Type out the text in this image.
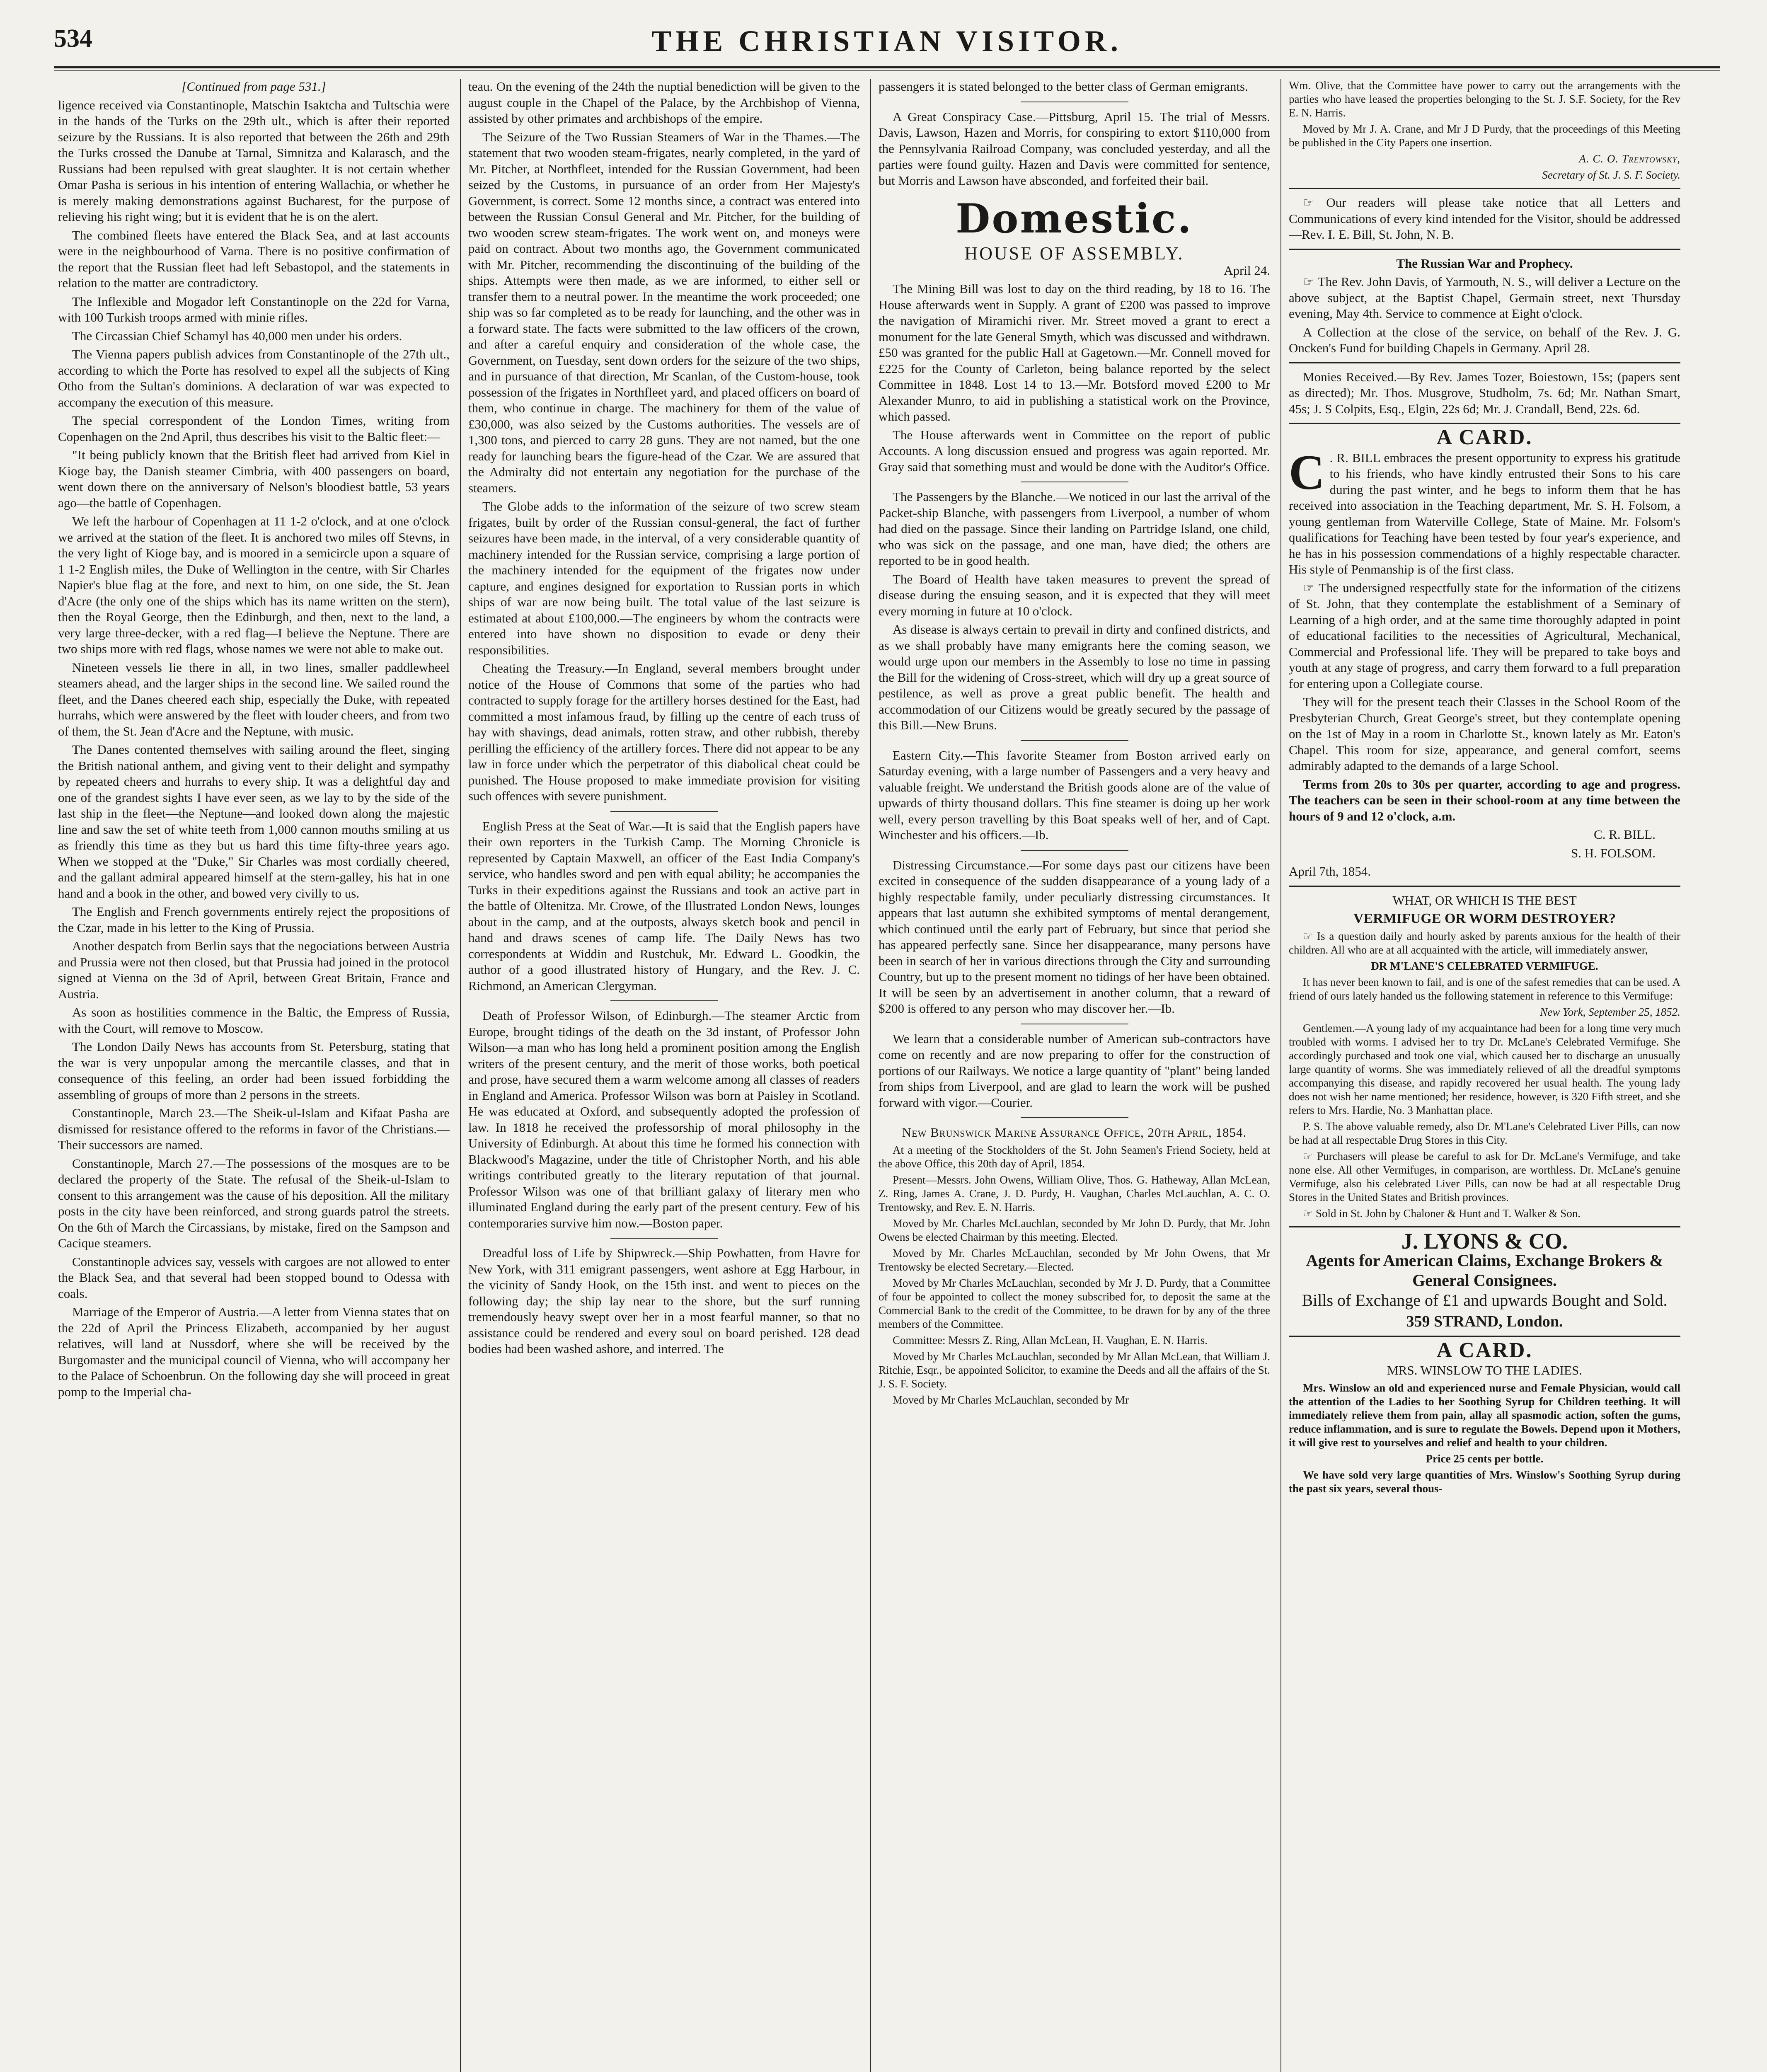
534	THE CHRISTIAN VISITOR.

[Continued from page 531.]

ligence received via Constantinople, Matschin Isaktcha and Tultschia were in the hands of the Turks on the 29th ult., which is after their reported seizure by the Russians. It is also reported that between the 26th and 29th the Turks crossed the Danube at Tarnal, Simnitza and Kalarasch, and the Russians had been repulsed with great slaughter. It is not certain whether Omar Pasha is serious in his intention of entering Wallachia, or whether he is merely making demonstrations against Bucharest, for the purpose of relieving his right wing; but it is evident that he is on the alert.

The combined fleets have entered the Black Sea, and at last accounts were in the neighbourhood of Varna. There is no positive confirmation of the report that the Russian fleet had left Sebastopol, and the statements in relation to the matter are contradictory.

The Inflexible and Mogador left Constantinople on the 22d for Varna, with 100 Turkish troops armed with minie rifles.

The Circassian Chief Schamyl has 40,000 men under his orders.

The Vienna papers publish advices from Constantinople of the 27th ult., according to which the Porte has resolved to expel all the subjects of King Otho from the Sultan's dominions. A declaration of war was expected to accompany the execution of this measure.

The special correspondent of the London Times, writing from Copenhagen on the 2nd April, thus describes his visit to the Baltic fleet:—

"It being publicly known that the British fleet had arrived from Kiel in Kioge bay, the Danish steamer Cimbria, with 400 passengers on board, went down there on the anniversary of Nelson's bloodiest battle, 53 years ago—the battle of Copenhagen.

We left the harbour of Copenhagen at 11 1-2 o'clock, and at one o'clock we arrived at the station of the fleet. It is anchored two miles off Stevns, in the very light of Kioge bay, and is moored in a semicircle upon a square of 1 1-2 English miles, the Duke of Wellington in the centre, with Sir Charles Napier's blue flag at the fore, and next to him, on one side, the St. Jean d'Acre (the only one of the ships which has its name written on the stern), then the Royal George, then the Edinburgh, and then, next to the land, a very large three-decker, with a red flag—I believe the Neptune. There are two ships more with red flags, whose names we were not able to make out.

Nineteen vessels lie there in all, in two lines, smaller paddlewheel steamers ahead, and the larger ships in the second line. We sailed round the fleet, and the Danes cheered each ship, especially the Duke, with repeated hurrahs, which were answered by the fleet with louder cheers, and from two of them, the St. Jean d'Acre and the Neptune, with music.

The Danes contented themselves with sailing around the fleet, singing the British national anthem, and giving vent to their delight and sympathy by repeated cheers and hurrahs to every ship. It was a delightful day and one of the grandest sights I have ever seen, as we lay to by the side of the last ship in the fleet—the Neptune—and looked down along the majestic line and saw the set of white teeth from 1,000 cannon mouths smiling at us as friendly this time as they but us hard this time fifty-three years ago. When we stopped at the "Duke," Sir Charles was most cordially cheered, and the gallant admiral appeared himself at the stern-galley, his hat in one hand and a book in the other, and bowed very civilly to us.

The English and French governments entirely reject the propositions of the Czar, made in his letter to the King of Prussia.

Another despatch from Berlin says that the negociations between Austria and Prussia were not then closed, but that Prussia had joined in the protocol signed at Vienna on the 3d of April, between Great Britain, France and Austria.

As soon as hostilities commence in the Baltic, the Empress of Russia, with the Court, will remove to Moscow.

The London Daily News has accounts from St. Petersburg, stating that the war is very unpopular among the mercantile classes, and that in consequence of this feeling, an order had been issued forbidding the assembling of groups of more than 2 persons in the streets.

Constantinople, March 23.—The Sheik-ul-Islam and Kifaat Pasha are dismissed for resistance offered to the reforms in favor of the Christians.—Their successors are named.

Constantinople, March 27.—The possessions of the mosques are to be declared the property of the State. The refusal of the Sheik-ul-Islam to consent to this arrangement was the cause of his deposition. All the military posts in the city have been reinforced, and strong guards patrol the streets. On the 6th of March the Circassians, by mistake, fired on the Sampson and Cacique steamers.

Constantinople advices say, vessels with cargoes are not allowed to enter the Black Sea, and that several had been stopped bound to Odessa with coals.

Marriage of the Emperor of Austria.—A letter from Vienna states that on the 22d of April the Princess Elizabeth, accompanied by her august relatives, will land at Nussdorf, where she will be received by the Burgomaster and the municipal council of Vienna, who will accompany her to the Palace of Schoenbrun. On the following day she will proceed in great pomp to the Imperial cha-

teau. On the evening of the 24th the nuptial benediction will be given to the august couple in the Chapel of the Palace, by the Archbishop of Vienna, assisted by other primates and archbishops of the empire.

The Seizure of the Two Russian Steamers of War in the Thames.—The statement that two wooden steam-frigates, nearly completed, in the yard of Mr. Pitcher, at Northfleet, intended for the Russian Government, had been seized by the Customs, in pursuance of an order from Her Majesty's Government, is correct. Some 12 months since, a contract was entered into between the Russian Consul General and Mr. Pitcher, for the building of two wooden screw steam-frigates. The work went on, and moneys were paid on contract. About two months ago, the Government communicated with Mr. Pitcher, recommending the discontinuing of the building of the ships. Attempts were then made, as we are informed, to either sell or transfer them to a neutral power. In the meantime the work proceeded; one ship was so far completed as to be ready for launching, and the other was in a forward state. The facts were submitted to the law officers of the crown, and after a careful enquiry and consideration of the whole case, the Government, on Tuesday, sent down orders for the seizure of the two ships, and in pursuance of that direction, Mr Scanlan, of the Custom-house, took possession of the frigates in Northfleet yard, and placed officers on board of them, who continue in charge. The machinery for them of the value of £30,000, was also seized by the Customs authorities. The vessels are of 1,300 tons, and pierced to carry 28 guns. They are not named, but the one ready for launching bears the figure-head of the Czar. We are assured that the Admiralty did not entertain any negotiation for the purchase of the steamers.

The Globe adds to the information of the seizure of two screw steam frigates, built by order of the Russian consul-general, the fact of further seizures have been made, in the interval, of a very considerable quantity of machinery intended for the Russian service, comprising a large portion of the machinery intended for the equipment of the frigates now under capture, and engines designed for exportation to Russian ports in which ships of war are now being built. The total value of the last seizure is estimated at about £100,000.—The engineers by whom the contracts were entered into have shown no disposition to evade or deny their responsibilities.

Cheating the Treasury.—In England, several members brought under notice of the House of Commons that some of the parties who had contracted to supply forage for the artillery horses destined for the East, had committed a most infamous fraud, by filling up the centre of each truss of hay with shavings, dead animals, rotten straw, and other rubbish, thereby perilling the efficiency of the artillery forces. There did not appear to be any law in force under which the perpetrator of this diabolical cheat could be punished. The House proposed to make immediate provision for visiting such offences with severe punishment.

English Press at the Seat of War.—It is said that the English papers have their own reporters in the Turkish Camp. The Morning Chronicle is represented by Captain Maxwell, an officer of the East India Company's service, who handles sword and pen with equal ability; he accompanies the Turks in their expeditions against the Russians and took an active part in the battle of Oltenitza. Mr. Crowe, of the Illustrated London News, lounges about in the camp, and at the outposts, always sketch book and pencil in hand and draws scenes of camp life. The Daily News has two correspondents at Widdin and Rustchuk, Mr. Edward L. Goodkin, the author of a good illustrated history of Hungary, and the Rev. J. C. Richmond, an American Clergyman.

Death of Professor Wilson, of Edinburgh.—The steamer Arctic from Europe, brought tidings of the death on the 3d instant, of Professor John Wilson—a man who has long held a prominent position among the English writers of the present century, and the merit of those works, both poetical and prose, have secured them a warm welcome among all classes of readers in England and America. Professor Wilson was born at Paisley in Scotland. He was educated at Oxford, and subsequently adopted the profession of law. In 1818 he received the professorship of moral philosophy in the University of Edinburgh. At about this time he formed his connection with Blackwood's Magazine, under the title of Christopher North, and his able writings contributed greatly to the literary reputation of that journal. Professor Wilson was one of that brilliant galaxy of literary men who illuminated England during the early part of the present century. Few of his contemporaries survive him now.—Boston paper.

Dreadful loss of Life by Shipwreck.—Ship Powhatten, from Havre for New York, with 311 emigrant passengers, went ashore at Egg Harbour, in the vicinity of Sandy Hook, on the 15th inst. and went to pieces on the following day; the ship lay near to the shore, but the surf running tremendously heavy swept over her in a most fearful manner, so that no assistance could be rendered and every soul on board perished. 128 dead bodies had been washed ashore, and interred. The

passengers it is stated belonged to the better class of German emigrants.

A Great Conspiracy Case.—Pittsburg, April 15. The trial of Messrs. Davis, Lawson, Hazen and Morris, for conspiring to extort $110,000 from the Pennsylvania Railroad Company, was concluded yesterday, and all the parties were found guilty. Hazen and Davis were committed for sentence, but Morris and Lawson have absconded, and forfeited their bail.

Domestic.
HOUSE OF ASSEMBLY.

April 24.

The Mining Bill was lost to day on the third reading, by 18 to 16. The House afterwards went in Supply. A grant of £200 was passed to improve the navigation of Miramichi river. Mr. Street moved a grant to erect a monument for the late General Smyth, which was discussed and withdrawn. £50 was granted for the public Hall at Gagetown.—Mr. Connell moved for £225 for the County of Carleton, being balance reported by the select Committee in 1848. Lost 14 to 13.—Mr. Botsford moved £200 to Mr Alexander Munro, to aid in publishing a statistical work on the Province, which passed.

The House afterwards went in Committee on the report of public Accounts. A long discussion ensued and progress was again reported. Mr. Gray said that something must and would be done with the Auditor's Office.

The Passengers by the Blanche.—We noticed in our last the arrival of the Packet-ship Blanche, with passengers from Liverpool, a number of whom had died on the passage. Since their landing on Partridge Island, one child, who was sick on the passage, and one man, have died; the others are reported to be in good health.

The Board of Health have taken measures to prevent the spread of disease during the ensuing season, and it is expected that they will meet every morning in future at 10 o'clock.

As disease is always certain to prevail in dirty and confined districts, and as we shall probably have many emigrants here the coming season, we would urge upon our members in the Assembly to lose no time in passing the Bill for the widening of Cross-street, which will dry up a great source of pestilence, as well as prove a great public benefit. The health and accommodation of our Citizens would be greatly secured by the passage of this Bill.—New Bruns.

Eastern City.—This favorite Steamer from Boston arrived early on Saturday evening, with a large number of Passengers and a very heavy and valuable freight. We understand the British goods alone are of the value of upwards of thirty thousand dollars. This fine steamer is doing up her work well, every person travelling by this Boat speaks well of her, and of Capt. Winchester and his officers.—Ib.

Distressing Circumstance.—For some days past our citizens have been excited in consequence of the sudden disappearance of a young lady of a highly respectable family, under peculiarly distressing circumstances. It appears that last autumn she exhibited symptoms of mental derangement, which continued until the early part of February, but since that period she has appeared perfectly sane. Since her disappearance, many persons have been in search of her in various directions through the City and surrounding Country, but up to the present moment no tidings of her have been obtained. It will be seen by an advertisement in another column, that a reward of $200 is offered to any person who may discover her.—Ib.

We learn that a considerable number of American sub-contractors have come on recently and are now preparing to offer for the construction of portions of our Railways. We notice a large quantity of "plant" being landed from ships from Liverpool, and are glad to learn the work will be pushed forward with vigor.—Courier.

New Brunswick Marine Assurance Office, 20th April, 1854.

At a meeting of the Stockholders of the St. John Seamen's Friend Society, held at the above Office, this 20th day of April, 1854.

Present—Messrs. John Owens, William Olive, Thos. G. Hatheway, Allan McLean, Z. Ring, James A. Crane, J. D. Purdy, H. Vaughan, Charles McLauchlan, A. C. O. Trentowsky, and Rev. E. N. Harris.

Moved by Mr. Charles McLauchlan, seconded by Mr John D. Purdy, that Mr. John Owens be elected Chairman by this meeting. Elected.

Moved by Mr. Charles McLauchlan, seconded by Mr John Owens, that Mr Trentowsky be elected Secretary.—Elected.

Moved by Mr Charles McLauchlan, seconded by Mr J. D. Purdy, that a Committee of four be appointed to collect the money subscribed for, to deposit the same at the Commercial Bank to the credit of the Committee, to be drawn for by any of the three members of the Committee.

Committee: Messrs Z. Ring, Allan McLean, H. Vaughan, E. N. Harris.

Moved by Mr Charles McLauchlan, seconded by Mr Allan McLean, that William J. Ritchie, Esqr., be appointed Solicitor, to examine the Deeds and all the affairs of the St. J. S. F. Society.

Moved by Mr Charles McLauchlan, seconded by Mr

Wm. Olive, that the Committee have power to carry out the arrangements with the parties who have leased the properties belonging to the St. J. S.F. Society, for the Rev E. N. Harris.

Moved by Mr J. A. Crane, and Mr J D Purdy, that the proceedings of this Meeting be published in the City Papers one insertion.

A. C. O. Trentowsky,

Secretary of St. J. S. F. Society.

☞ Our readers will please take notice that all Letters and Communications of every kind intended for the Visitor, should be addressed—Rev. I. E. Bill, St. John, N. B.

The Russian War and Prophecy.

☞ The Rev. John Davis, of Yarmouth, N. S., will deliver a Lecture on the above subject, at the Baptist Chapel, Germain street, next Thursday evening, May 4th. Service to commence at Eight o'clock.

A Collection at the close of the service, on behalf of the Rev. J. G. Oncken's Fund for building Chapels in Germany. April 28.

Monies Received.—By Rev. James Tozer, Boiestown, 15s; (papers sent as directed); Mr. Thos. Musgrove, Studholm, 7s. 6d; Mr. Nathan Smart, 45s; J. S Colpits, Esq., Elgin, 22s 6d; Mr. J. Crandall, Bend, 22s. 6d.

A CARD.

C . R. BILL embraces the present opportunity to express his gratitude to his friends, who have kindly entrusted their Sons to his care during the past winter, and he begs to inform them that he has received into association in the Teaching department, Mr. S. H. Folsom, a young gentleman from Waterville College, State of Maine. Mr. Folsom's qualifications for Teaching have been tested by four year's experience, and he has in his possession commendations of a highly respectable character. His style of Penmanship is of the first class.

☞ The undersigned respectfully state for the information of the citizens of St. John, that they contemplate the establishment of a Seminary of Learning of a high order, and at the same time thoroughly adapted in point of educational facilities to the necessities of Agricultural, Mechanical, Commercial and Professional life. They will be prepared to take boys and youth at any stage of progress, and carry them forward to a full preparation for entering upon a Collegiate course.

They will for the present teach their Classes in the School Room of the Presbyterian Church, Great George's street, but they contemplate opening on the 1st of May in a room in Charlotte St., known lately as Mr. Eaton's Chapel. This room for size, appearance, and general comfort, seems admirably adapted to the demands of a large School.

Terms from 20s to 30s per quarter, according to age and progress. The teachers can be seen in their school-room at any time between the hours of 9 and 12 o'clock, a.m.

C. R. BILL.

S. H. FOLSOM.

April 7th, 1854.

WHAT, OR WHICH IS THE BEST

VERMIFUGE OR WORM DESTROYER?

☞ Is a question daily and hourly asked by parents anxious for the health of their children. All who are at all acquainted with the article, will immediately answer,

DR M'LANE'S CELEBRATED VERMIFUGE.

It has never been known to fail, and is one of the safest remedies that can be used. A friend of ours lately handed us the following statement in reference to this Vermifuge:

New York, September 25, 1852.

Gentlemen.—A young lady of my acquaintance had been for a long time very much troubled with worms. I advised her to try Dr. McLane's Celebrated Vermifuge. She accordingly purchased and took one vial, which caused her to discharge an unusually large quantity of worms. She was immediately relieved of all the dreadful symptoms accompanying this disease, and rapidly recovered her usual health. The young lady does not wish her name mentioned; her residence, however, is 320 Fifth street, and she refers to Mrs. Hardie, No. 3 Manhattan place.

P. S. The above valuable remedy, also Dr. M'Lane's Celebrated Liver Pills, can now be had at all respectable Drug Stores in this City.

☞ Purchasers will please be careful to ask for Dr. McLane's Vermifuge, and take none else. All other Vermifuges, in comparison, are worthless. Dr. McLane's genuine Vermifuge, also his celebrated Liver Pills, can now be had at all respectable Drug Stores in the United States and British provinces.

☞ Sold in St. John by Chaloner & Hunt and T. Walker & Son.

J. LYONS & CO.
Agents for American Claims, Exchange Brokers & General Consignees.
Bills of Exchange of £1 and upwards Bought and Sold.
359 STRAND, London.
A CARD.

MRS. WINSLOW TO THE LADIES.

Mrs. Winslow an old and experienced nurse and Female Physician, would call the attention of the Ladies to her Soothing Syrup for Children teething. It will immediately relieve them from pain, allay all spasmodic action, soften the gums, reduce inflammation, and is sure to regulate the Bowels. Depend upon it Mothers, it will give rest to yourselves and relief and health to your children.

Price 25 cents per bottle.

We have sold very large quantities of Mrs. Winslow's Soothing Syrup during the past six years, several thous-
